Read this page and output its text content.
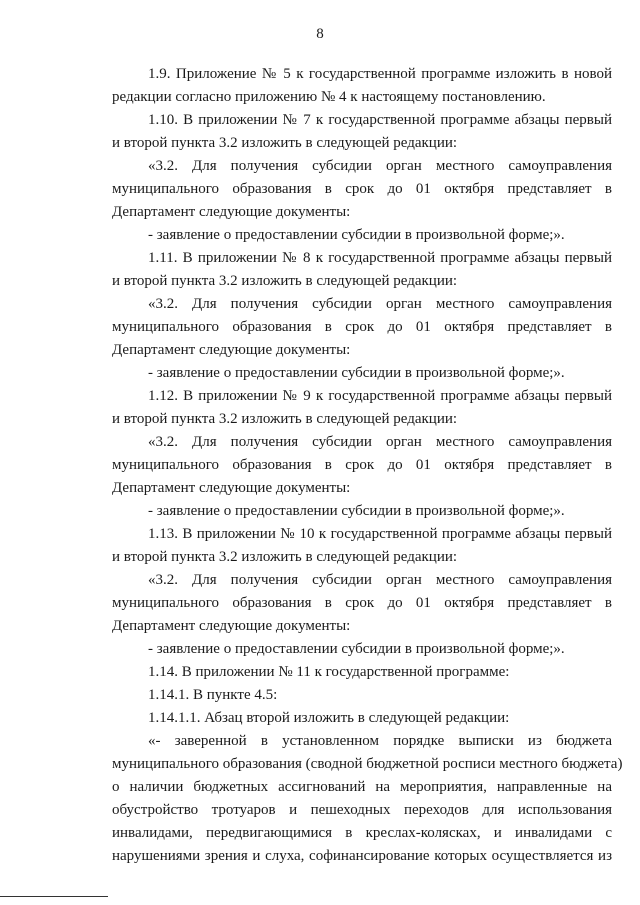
8
1.9. Приложение № 5 к государственной программе изложить в новой
редакции согласно приложению № 4 к настоящему постановлению.
1.10. В приложении № 7 к государственной программе абзацы первый
и второй пункта 3.2 изложить в следующей редакции:
«3.2. Для получения субсидии орган местного самоуправления
муниципального образования в срок до 01 октября представляет в
Департамент следующие документы:
- заявление о предоставлении субсидии в произвольной форме;».
1.11. В приложении № 8 к государственной программе абзацы первый
и второй пункта 3.2 изложить в следующей редакции:
«3.2. Для получения субсидии орган местного самоуправления
муниципального образования в срок до 01 октября представляет в
Департамент следующие документы:
- заявление о предоставлении субсидии в произвольной форме;».
1.12. В приложении № 9 к государственной программе абзацы первый
и второй пункта 3.2 изложить в следующей редакции:
«3.2. Для получения субсидии орган местного самоуправления
муниципального образования в срок до 01 октября представляет в
Департамент следующие документы:
- заявление о предоставлении субсидии в произвольной форме;».
1.13. В приложении № 10 к государственной программе абзацы первый
и второй пункта 3.2 изложить в следующей редакции:
«3.2. Для получения субсидии орган местного самоуправления
муниципального образования в срок до 01 октября представляет в
Департамент следующие документы:
- заявление о предоставлении субсидии в произвольной форме;».
1.14. В приложении № 11 к государственной программе:
1.14.1. В пункте 4.5:
1.14.1.1. Абзац второй изложить в следующей редакции:
«- заверенной в установленном порядке выписки из бюджета
муниципального образования (сводной бюджетной росписи местного бюджета)
о наличии бюджетных ассигнований на мероприятия, направленные на
обустройство тротуаров и пешеходных переходов для использования
инвалидами, передвигающимися в креслах-колясках, и инвалидами с
нарушениями зрения и слуха, софинансирование которых осуществляется из
